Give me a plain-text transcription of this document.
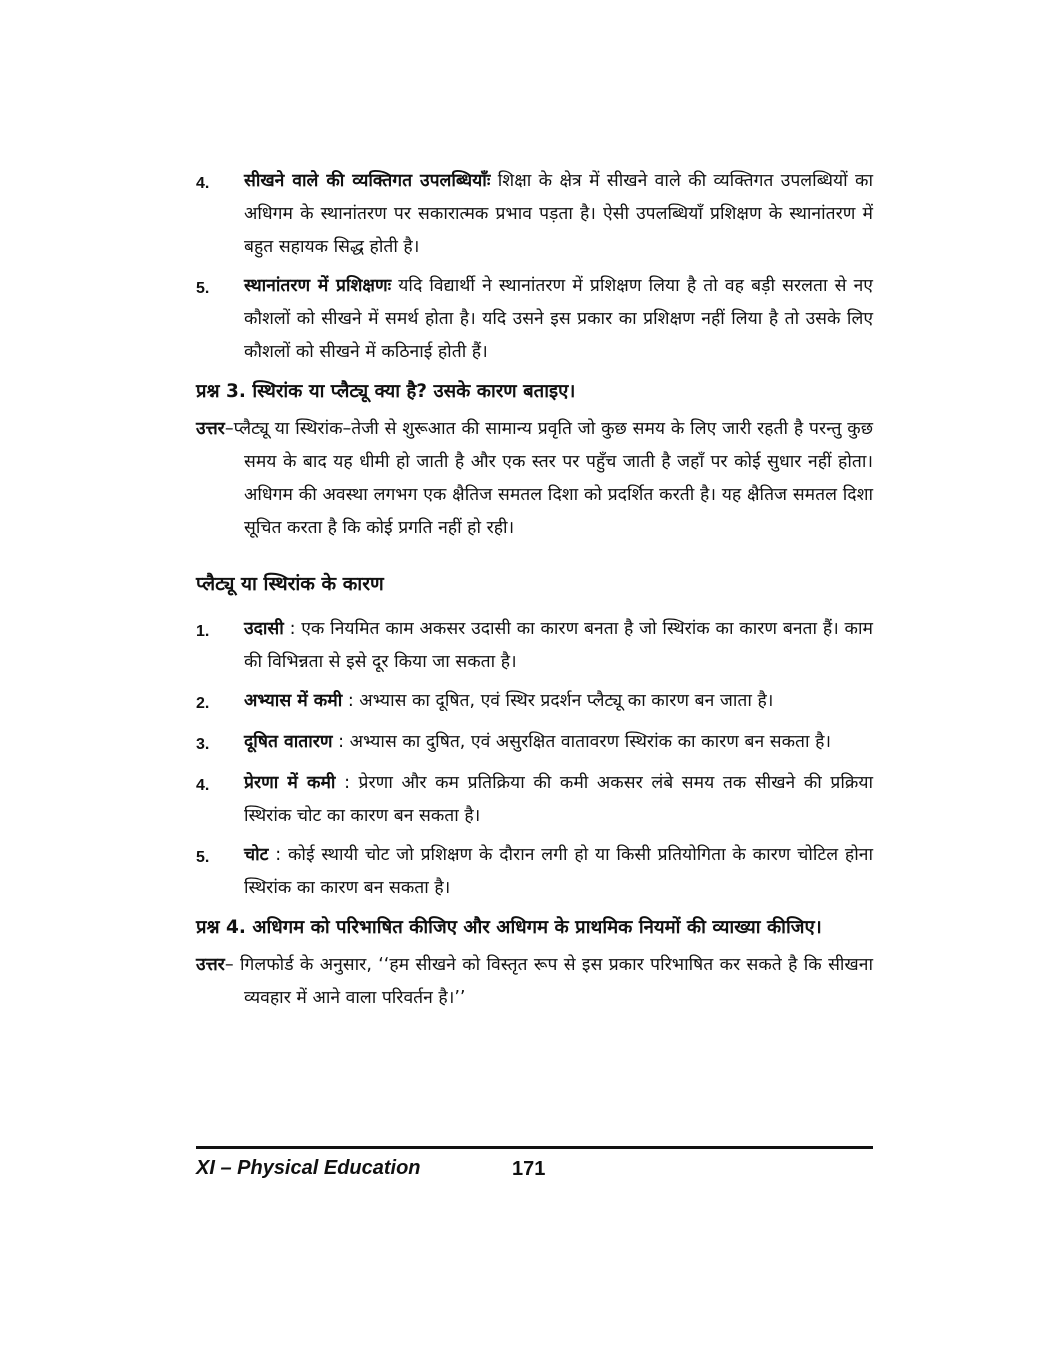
4.	सीखने वाले की व्यक्तिगत उपलब्धियाँः शिक्षा के क्षेत्र में सीखने वाले की व्यक्तिगत उपलब्धियों का अधिगम के स्थानांतरण पर सकारात्मक प्रभाव पड़ता है। ऐसी उपलब्धियाँ प्रशिक्षण के स्थानांतरण में बहुत सहायक सिद्ध होती है।
5.	स्थानांतरण में प्रशिक्षणः यदि विद्यार्थी ने स्थानांतरण में प्रशिक्षण लिया है तो वह बड़ी सरलता से नए कौशलों को सीखने में समर्थ होता है। यदि उसने इस प्रकार का प्रशिक्षण नहीं लिया है तो उसके लिए कौशलों को सीखने में कठिनाई होती हैं।
प्रश्न 3. स्थिरांक या प्लैट्यू क्या है? उसके कारण बताइए।
उत्तर–प्लैट्यू या स्थिरांक–तेजी से शुरूआत की सामान्य प्रवृति जो कुछ समय के लिए जारी रहती है परन्तु कुछ समय के बाद यह धीमी हो जाती है और एक स्तर पर पहुँच जाती है जहाँ पर कोई सुधार नहीं होता। अधिगम की अवस्था लगभग एक क्षैतिज समतल दिशा को प्रदर्शित करती है। यह क्षैतिज समतल दिशा सूचित करता है कि कोई प्रगति नहीं हो रही।
प्लैट्यू या स्थिरांक के कारण
1.	उदासी : एक नियमित काम अकसर उदासी का कारण बनता है जो स्थिरांक का कारण बनता हैं। काम की विभिन्नता से इसे दूर किया जा सकता है।
2.	अभ्यास में कमी : अभ्यास का दूषित, एवं स्थिर प्रदर्शन प्लैट्यू का कारण बन जाता है।
3.	दूषित वातारण : अभ्यास का दुषित, एवं असुरक्षित वातावरण स्थिरांक का कारण बन सकता है।
4.	प्रेरणा में कमी : प्रेरणा और कम प्रतिक्रिया की कमी अकसर लंबे समय तक सीखने की प्रक्रिया स्थिरांक चोट का कारण बन सकता है।
5.	चोट : कोई स्थायी चोट जो प्रशिक्षण के दौरान लगी हो या किसी प्रतियोगिता के कारण चोटिल होना स्थिरांक का कारण बन सकता है।
प्रश्न 4. अधिगम को परिभाषित कीजिए और अधिगम के प्राथमिक नियमों की व्याख्या कीजिए।
उत्तर– गिलफोर्ड के अनुसार, ‘‘हम सीखने को विस्तृत रूप से इस प्रकार परिभाषित कर सकते है कि सीखना व्यवहार में आने वाला परिवर्तन है।’’
XI – Physical Education	171
